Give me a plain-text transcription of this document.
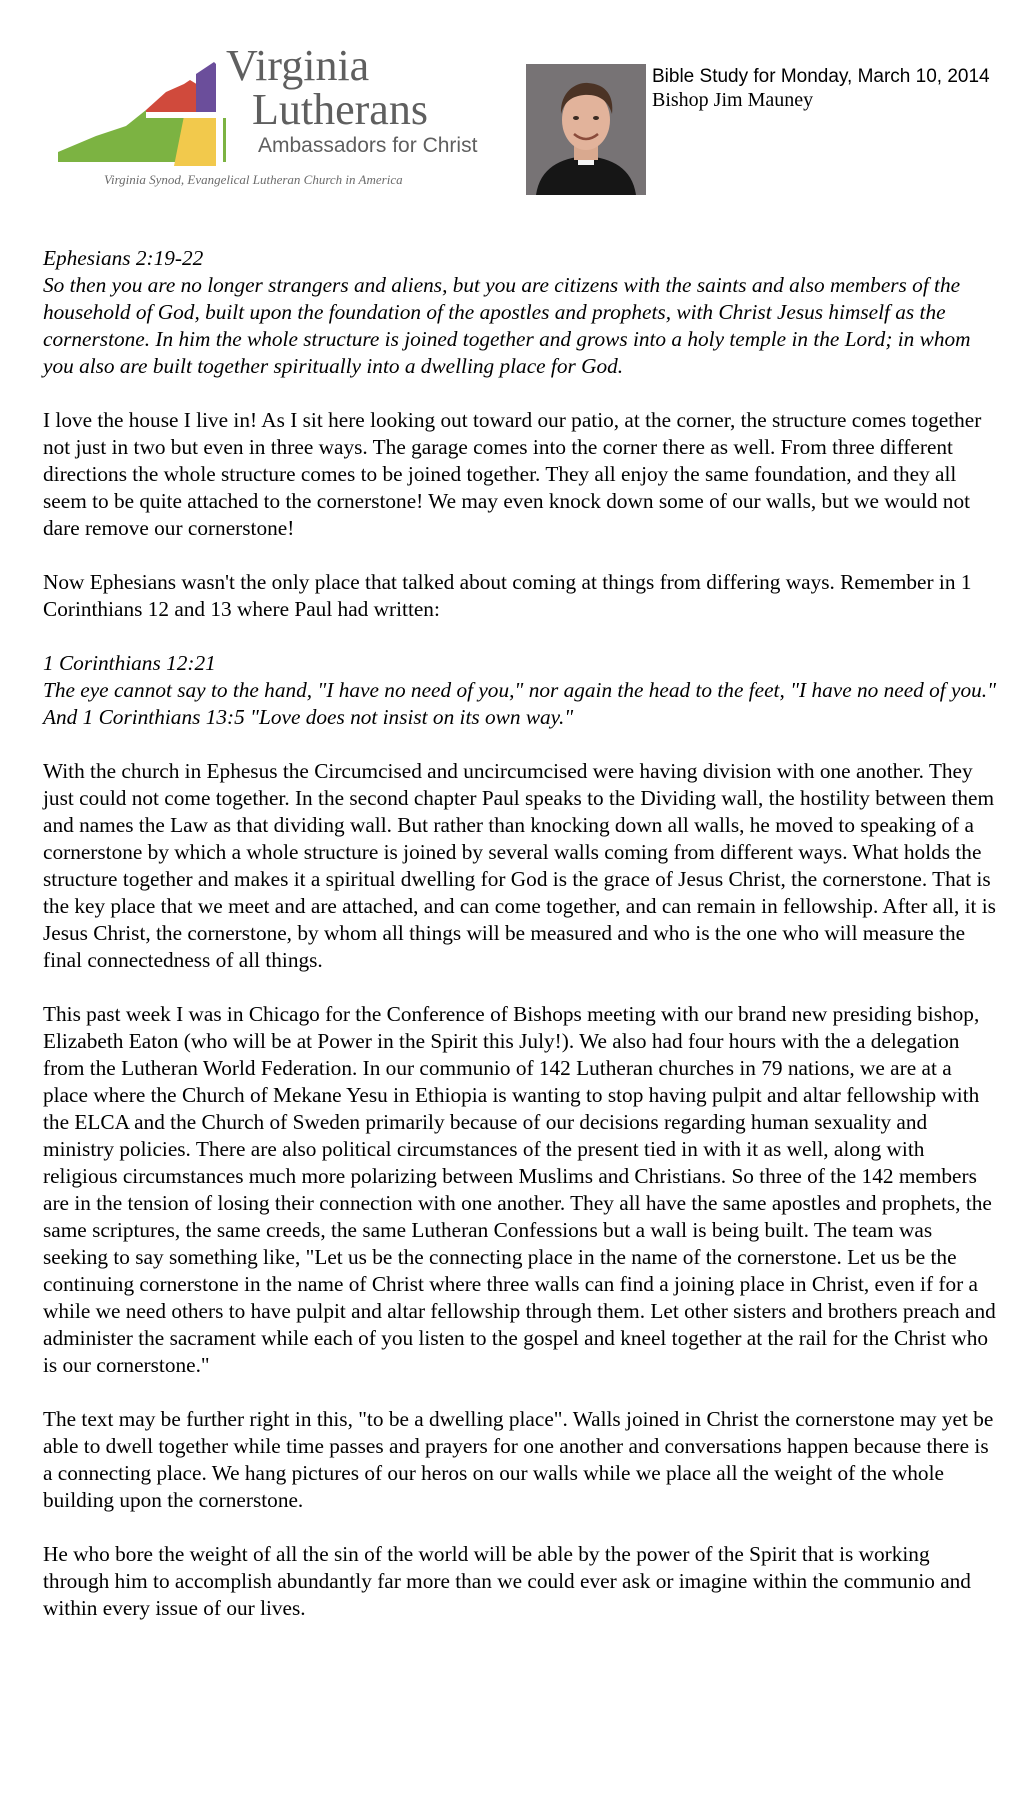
Virginia
Lutherans
Ambassadors for Christ
Virginia Synod, Evangelical Lutheran Church in America
Bible Study for Monday, March 10, 2014
Bishop Jim Mauney

Ephesians 2:19-22
So then you are no longer strangers and aliens, but you are citizens with the saints and also members of the household of God, built upon the foundation of the apostles and prophets, with Christ Jesus himself as the cornerstone. In him the whole structure is joined together and grows into a holy temple in the Lord; in whom you also are built together spiritually into a dwelling place for God.

I love the house I live in! As I sit here looking out toward our patio, at the corner, the structure comes together not just in two but even in three ways. The garage comes into the corner there as well. From three different directions the whole structure comes to be joined together. They all enjoy the same foundation, and they all seem to be quite attached to the cornerstone! We may even knock down some of our walls, but we would not dare remove our cornerstone!

Now Ephesians wasn't the only place that talked about coming at things from differing ways. Remember in 1 Corinthians 12 and 13 where Paul had written:

1 Corinthians 12:21
The eye cannot say to the hand, "I have no need of you," nor again the head to the feet, "I have no need of you." And 1 Corinthians 13:5 "Love does not insist on its own way."

With the church in Ephesus the Circumcised and uncircumcised were having division with one another. They just could not come together. In the second chapter Paul speaks to the Dividing wall, the hostility between them and names the Law as that dividing wall. But rather than knocking down all walls, he moved to speaking of a cornerstone by which a whole structure is joined by several walls coming from different ways. What holds the structure together and makes it a spiritual dwelling for God is the grace of Jesus Christ, the cornerstone. That is the key place that we meet and are attached, and can come together, and can remain in fellowship. After all, it is Jesus Christ, the cornerstone, by whom all things will be measured and who is the one who will measure the final connectedness of all things.

This past week I was in Chicago for the Conference of Bishops meeting with our brand new presiding bishop, Elizabeth Eaton (who will be at Power in the Spirit this July!). We also had four hours with the a delegation from the Lutheran World Federation. In our communio of 142 Lutheran churches in 79 nations, we are at a place where the Church of Mekane Yesu in Ethiopia is wanting to stop having pulpit and altar fellowship with the ELCA and the Church of Sweden primarily because of our decisions regarding human sexuality and ministry policies. There are also political circumstances of the present tied in with it as well, along with religious circumstances much more polarizing between Muslims and Christians. So three of the 142 members are in the tension of losing their connection with one another. They all have the same apostles and prophets, the same scriptures, the same creeds, the same Lutheran Confessions but a wall is being built. The team was seeking to say something like, "Let us be the connecting place in the name of the cornerstone. Let us be the continuing cornerstone in the name of Christ where three walls can find a joining place in Christ, even if for a while we need others to have pulpit and altar fellowship through them. Let other sisters and brothers preach and administer the sacrament while each of you listen to the gospel and kneel together at the rail for the Christ who is our cornerstone."

The text may be further right in this, "to be a dwelling place". Walls joined in Christ the cornerstone may yet be able to dwell together while time passes and prayers for one another and conversations happen because there is a connecting place. We hang pictures of our heros on our walls while we place all the weight of the whole building upon the cornerstone.

He who bore the weight of all the sin of the world will be able by the power of the Spirit that is working through him to accomplish abundantly far more than we could ever ask or imagine within the communio and within every issue of our lives.
